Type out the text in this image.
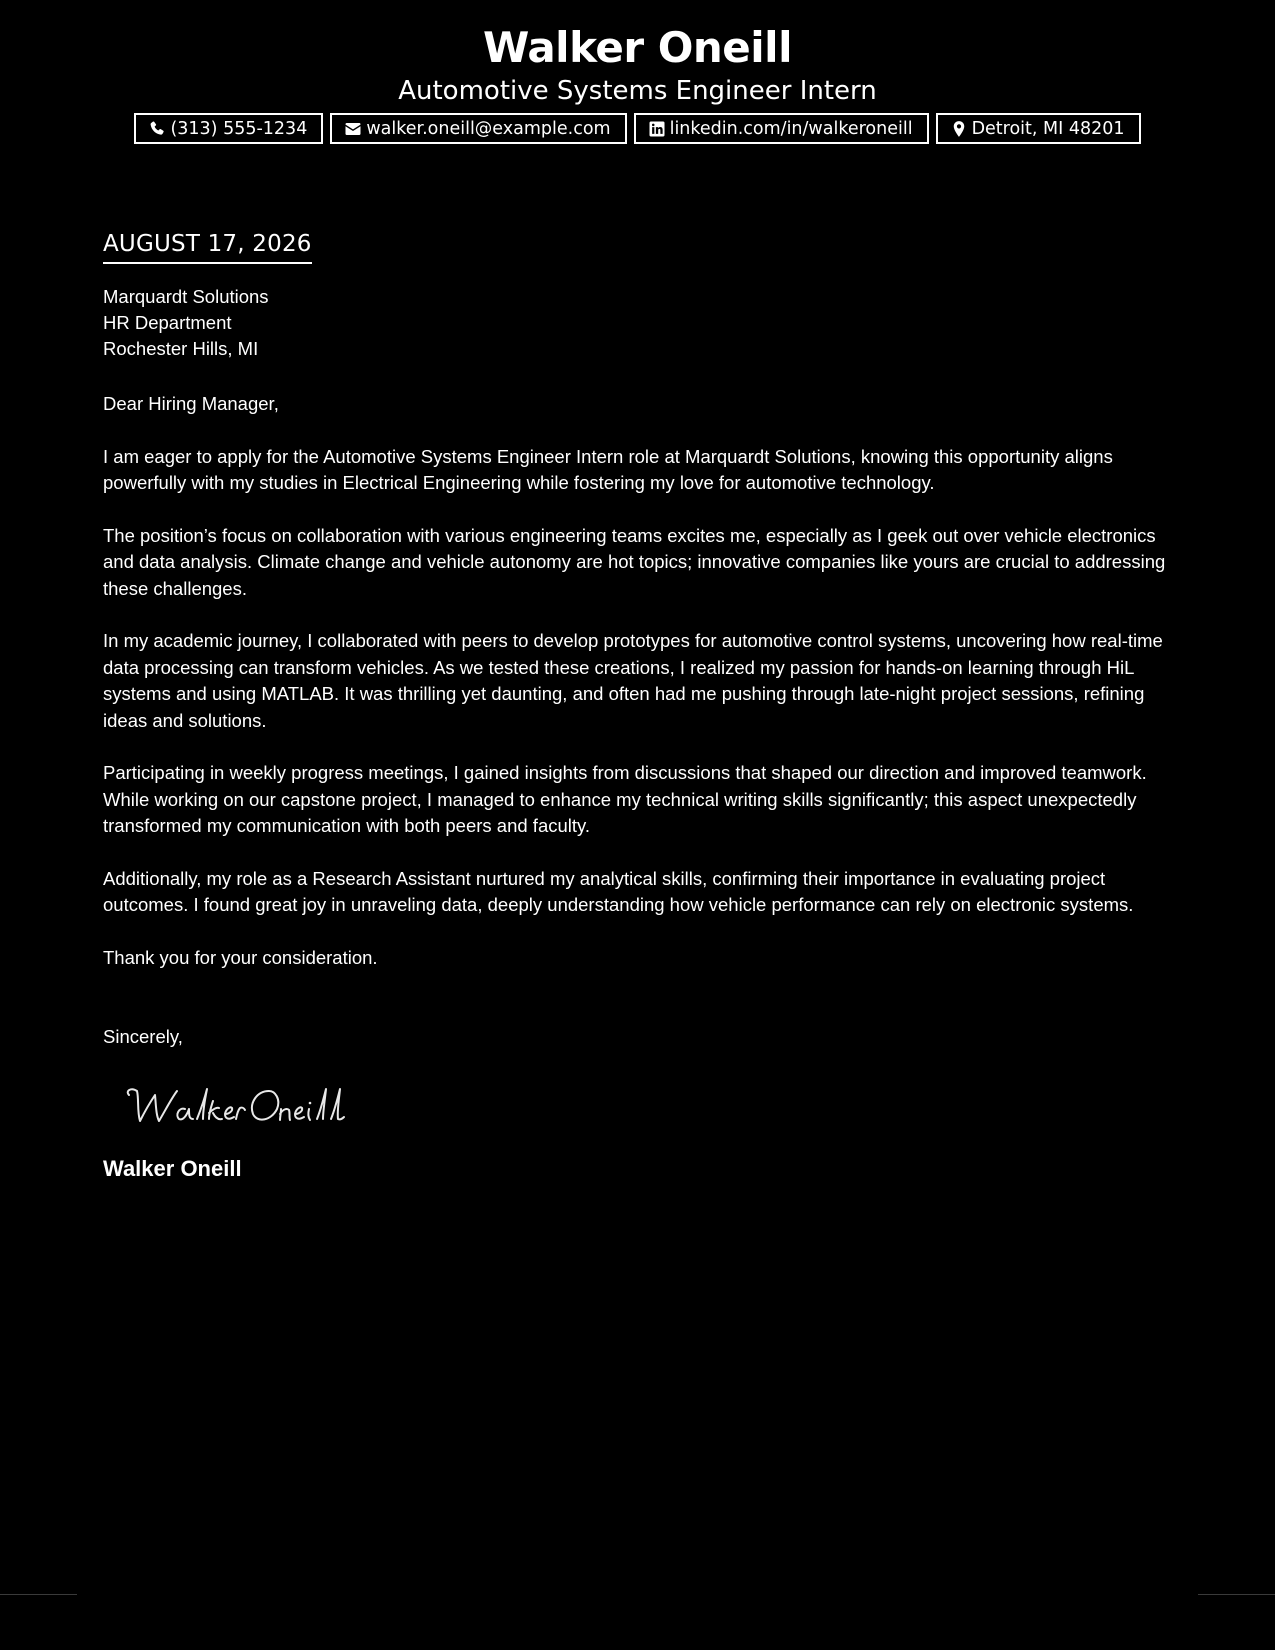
Walker Oneill
Automotive Systems Engineer Intern
(313) 555-1234	walker.oneill@example.com	linkedin.com/in/walkeroneill	Detroit, MI 48201
AUGUST 17, 2026
Marquardt Solutions
HR Department
Rochester Hills, MI
Dear Hiring Manager,

I am eager to apply for the Automotive Systems Engineer Intern role at Marquardt Solutions, knowing this opportunity aligns powerfully with my studies in Electrical Engineering while fostering my love for automotive technology.

The position’s focus on collaboration with various engineering teams excites me, especially as I geek out over vehicle electronics and data analysis. Climate change and vehicle autonomy are hot topics; innovative companies like yours are crucial to addressing these challenges.

In my academic journey, I collaborated with peers to develop prototypes for automotive control systems, uncovering how real-time data processing can transform vehicles. As we tested these creations, I realized my passion for hands-on learning through HiL systems and using MATLAB. It was thrilling yet daunting, and often had me pushing through late-night project sessions, refining ideas and solutions.

Participating in weekly progress meetings, I gained insights from discussions that shaped our direction and improved teamwork. While working on our capstone project, I managed to enhance my technical writing skills significantly; this aspect unexpectedly transformed my communication with both peers and faculty.

Additionally, my role as a Research Assistant nurtured my analytical skills, confirming their importance in evaluating project outcomes. I found great joy in unraveling data, deeply understanding how vehicle performance can rely on electronic systems.

Thank you for your consideration.

Sincerely,
Walker Oneill
